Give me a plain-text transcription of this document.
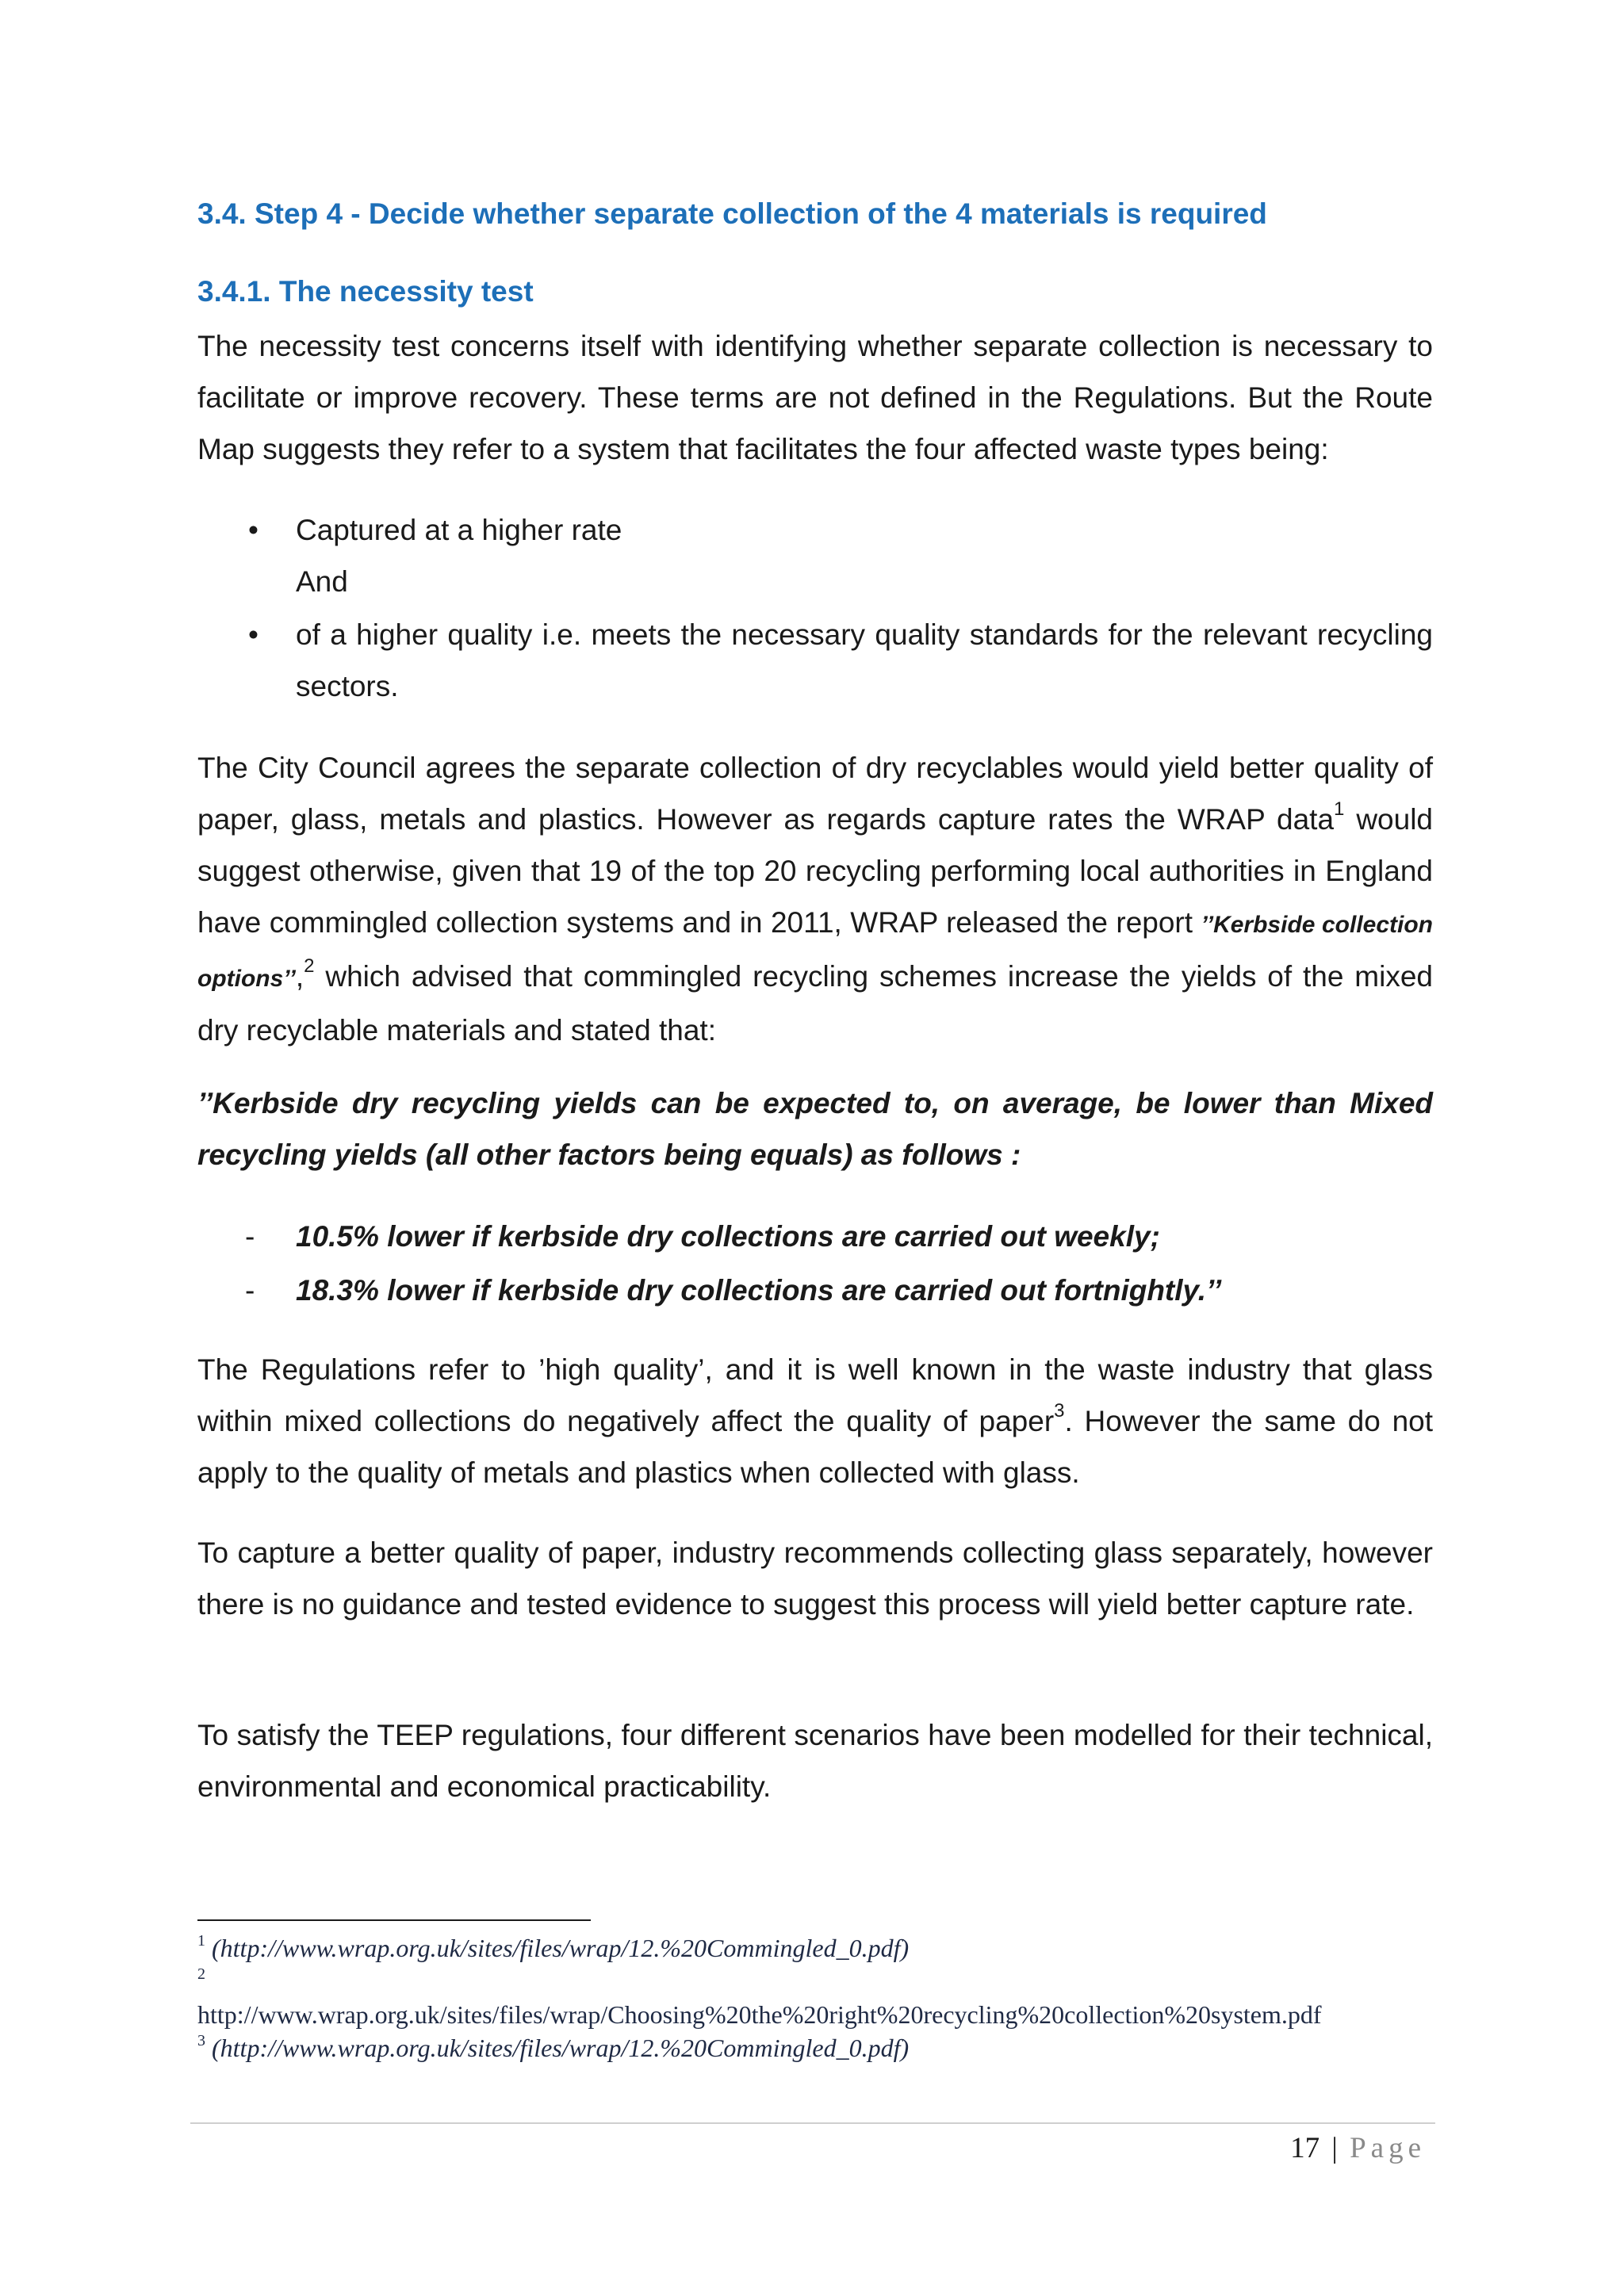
3.4. Step 4 - Decide whether separate collection of the 4 materials is required
3.4.1. The necessity test

The necessity test concerns itself with identifying whether separate collection is necessary to facilitate or improve recovery. These terms are not defined in the Regulations. But the Route Map suggests they refer to a system that facilitates the four affected waste types being:

• Captured at a higher rate
And
• of a higher quality i.e. meets the necessary quality standards for the relevant recycling sectors.

The City Council agrees the separate collection of dry recyclables would yield better quality of paper, glass, metals and plastics. However as regards capture rates the WRAP data$^1$ would suggest otherwise, given that 19 of the top 20 recycling performing local authorities in England have commingled collection systems and in 2011, WRAP released the report ’’Kerbside collection options’’,$^2$ which advised that commingled recycling schemes increase the yields of the mixed dry recyclable materials and stated that:

’’Kerbside dry recycling yields can be expected to, on average, be lower than Mixed recycling yields (all other factors being equals) as follows :

- 10.5% lower if kerbside dry collections are carried out weekly;
- 18.3% lower if kerbside dry collections are carried out fortnightly.’’

The Regulations refer to ’high quality’, and it is well known in the waste industry that glass within mixed collections do negatively affect the quality of paper$^3$. However the same do not apply to the quality of metals and plastics when collected with glass.

To capture a better quality of paper, industry recommends collecting glass separately, however there is no guidance and tested evidence to suggest this process will yield better capture rate.

To satisfy the TEEP regulations, four different scenarios have been modelled for their technical, environmental and economical practicability.

$^1$ (http://www.wrap.org.uk/sites/files/wrap/12.%20Commingled_0.pdf)
$^2$
http://www.wrap.org.uk/sites/files/wrap/Choosing%20the%20right%20recycling%20collection%20system.pdf
$^3$ (http://www.wrap.org.uk/sites/files/wrap/12.%20Commingled_0.pdf)
17 | Page
